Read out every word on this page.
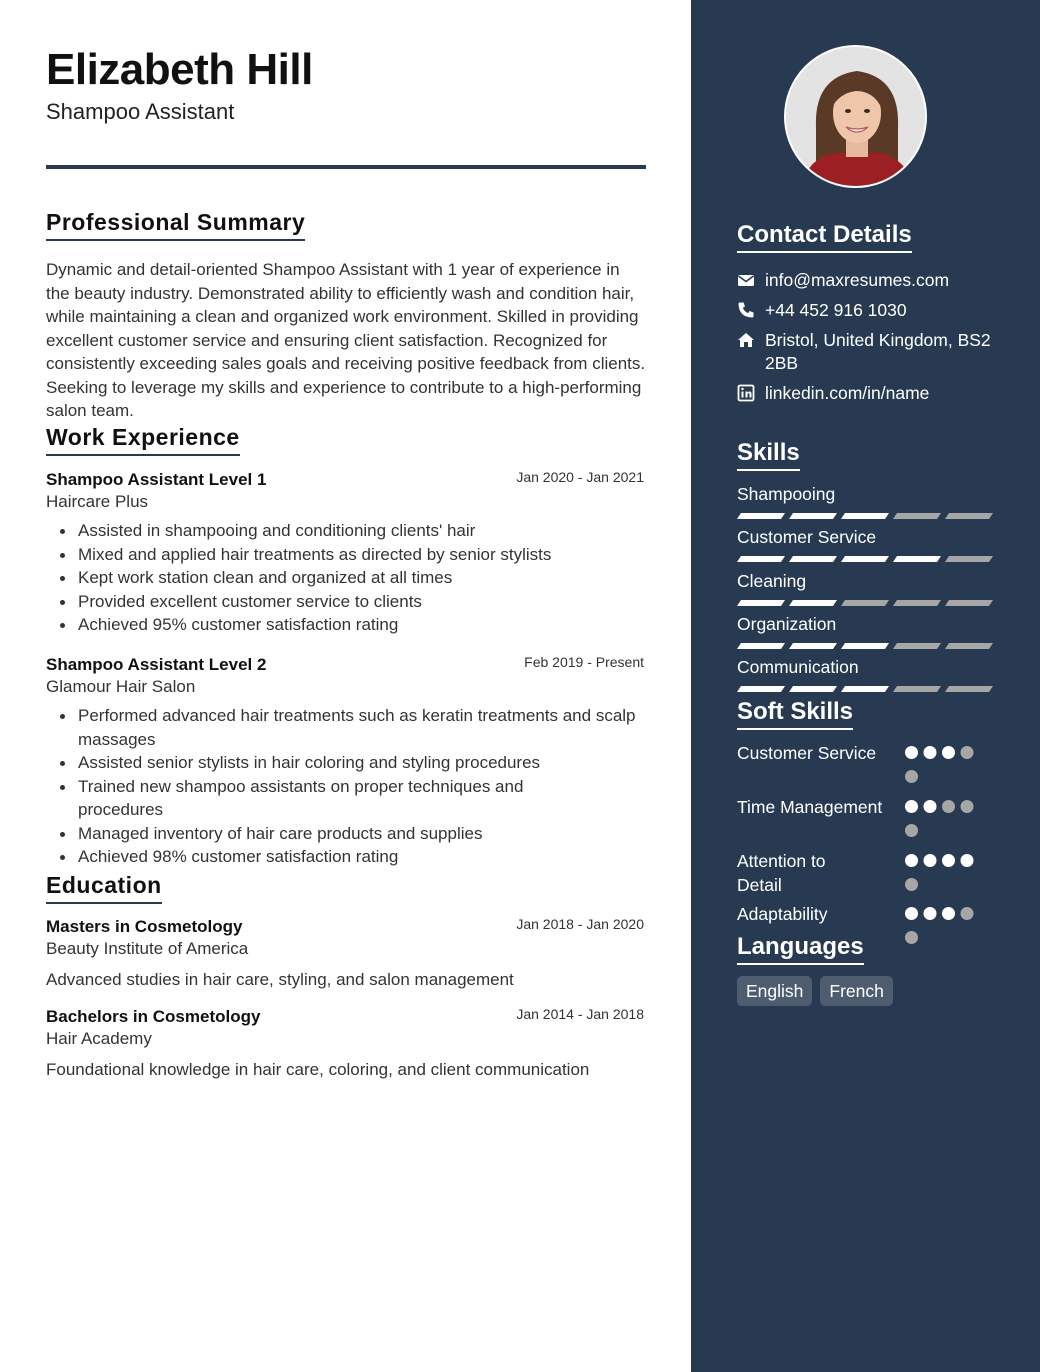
Elizabeth Hill
Shampoo Assistant
Professional Summary
Dynamic and detail-oriented Shampoo Assistant with 1 year of experience in the beauty industry. Demonstrated ability to efficiently wash and condition hair, while maintaining a clean and organized work environment. Skilled in providing excellent customer service and ensuring client satisfaction. Recognized for consistently exceeding sales goals and receiving positive feedback from clients. Seeking to leverage my skills and experience to contribute to a high-performing salon team.
Work Experience
Shampoo Assistant Level 1	Jan 2020 - Jan 2021
Haircare Plus
Assisted in shampooing and conditioning clients' hair
Mixed and applied hair treatments as directed by senior stylists
Kept work station clean and organized at all times
Provided excellent customer service to clients
Achieved 95% customer satisfaction rating
Shampoo Assistant Level 2	Feb 2019 - Present
Glamour Hair Salon
Performed advanced hair treatments such as keratin treatments and scalp massages
Assisted senior stylists in hair coloring and styling procedures
Trained new shampoo assistants on proper techniques and procedures
Managed inventory of hair care products and supplies
Achieved 98% customer satisfaction rating
Education
Masters in Cosmetology	Jan 2018 - Jan 2020
Beauty Institute of America
Advanced studies in hair care, styling, and salon management
Bachelors in Cosmetology	Jan 2014 - Jan 2018
Hair Academy
Foundational knowledge in hair care, coloring, and client communication
Contact Details
info@maxresumes.com
+44 452 916 1030
Bristol, United Kingdom, BS2 2BB
linkedin.com/in/name
Skills
Shampooing
Customer Service
Cleaning
Organization
Communication
Soft Skills
Customer Service
Time Management
Attention to Detail
Adaptability
Languages
English	French
